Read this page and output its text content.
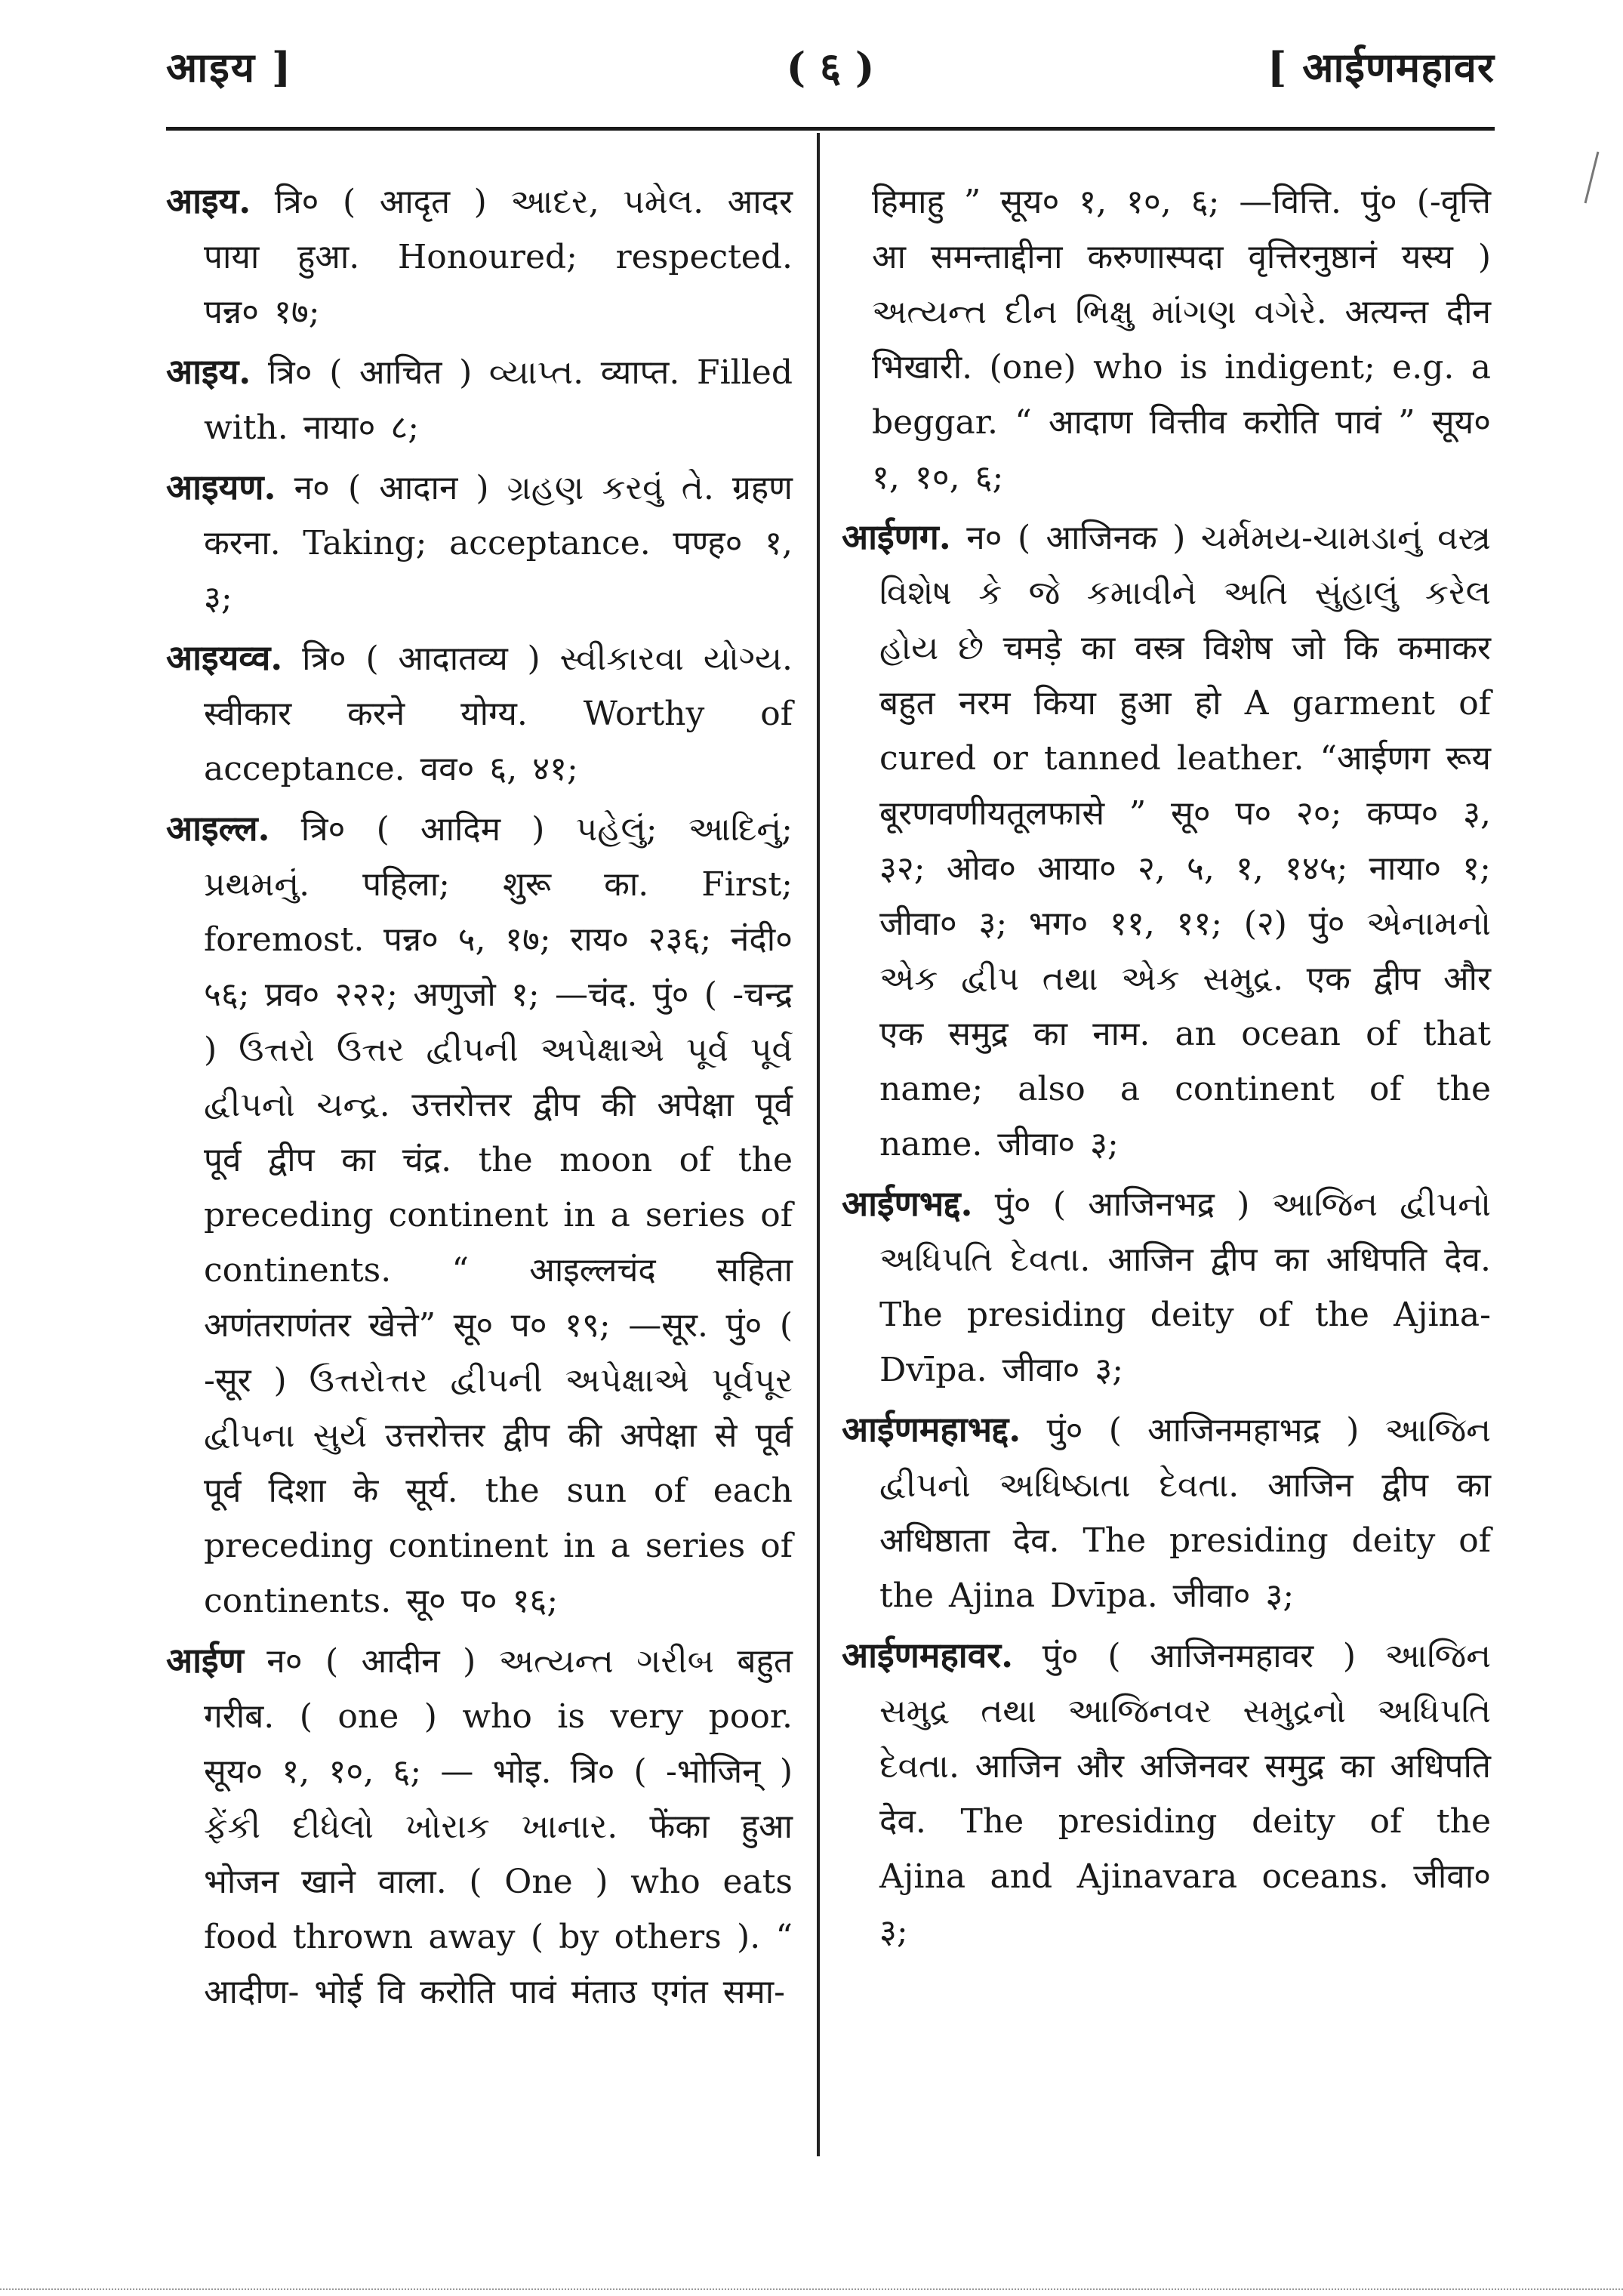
आइय ]	( ६ )	[ आईणमहावर

आइय. त्रि० ( आदृत ) આદર, પમેલ. आदर पाया हुआ. Honoured; respected. पन्न० १७;

आइय. त्रि० ( आचित ) વ્યાપ્ત. व्याप्त. Filled with. नाया० ८;

आइयण. न० ( आदान ) ગ્રહણ કરવું તે. ग्रहण करना. Taking; acceptance. पण्ह० १, ३;

आइयव्व. त्रि० ( आदातव्य ) સ્વીકારવા યોગ્ય. स्वीकार करने योग्य. Worthy of acceptance. वव० ६, ४१;

आइल्ल. त्रि० ( आदिम ) પહેલું; આદિનું; પ્રથમનું. पहिला; शुरू का. First; foremost. पन्न० ५, १७; राय० २३६; नंदी० ५६; प्रव० २२२; अणुजो १; —चंद. पुं० ( -चन्द्र ) ઉત્તરો ઉત્તર દ્વીપની અપેક્ષાએ પૂર્વ પૂર્વ દ્વીપનો ચન્દ્ર. उत्तरोत्तर द्वीप की अपेक्षा पूर्व पूर्व द्वीप का चंद्र. the moon of the preceding continent in a series of continents. “ आइल्लचंद सहिता अणंतराणंतर खेत्ते” सू० प० १९; —सूर. पुं० ( -सूर ) ઉત્તરોત્તર દ્વીપની અપેક્ષાએ પૂર્વપૂર દ્વીપના સુર્ય उत्तरोत्तर द्वीप की अपेक्षा से पूर्व पूर्व दिशा के सूर्य. the sun of each preceding continent in a series of continents. सू० प० १६;

आईण न० ( आदीन ) અત્યન્ત ગરીબ बहुत गरीब. ( one ) who is very poor. सूय० १, १०, ६; — भोइ. त्रि० ( -भोजिन् ) ફેંકી દીધેલો ખોરાક ખાનાર. फेंका हुआ भोजन खाने वाला. ( One ) who eats food thrown away ( by others ). “ आदीण- भोई वि करोति पावं मंताउ एगंत समा-

हिमाहु ” सूय० १, १०, ६; —वित्ति. पुं० (-वृत्ति आ समन्ताद्दीना करुणास्पदा वृत्तिरनुष्ठानं यस्य ) અત્યન્ત દીન ભિક્ષુ માંગણ વગેરે. अत्यन्त दीन भिखारी. (one) who is indigent; e.g. a beggar. “ आदाण वित्तीव करोति पावं ” सूय० १, १०, ६;

आईणग. न० ( आजिनक ) ચર્મમય-ચામડાનું વસ્ત્ર વિશેષ કે જે કમાવીને અતિ સુંહાલું કરેલ હોય છે चमड़े का वस्त्र विशेष जो कि कमाकर बहुत नरम किया हुआ हो A garment of cured or tanned leather. “आईणग रूय बूरणवणीयतूलफासे ” सू० प० २०; कप्प० ३, ३२; ओव० आया० २, ५, १, १४५; नाया० १; जीवा० ३; भग० ११, ११; (२) पुं० એનામનો એક દ્વીપ તથા એક સમુદ્ર. एक द्वीप और एक समुद्र का नाम. an ocean of that name; also a continent of the name. जीवा० ३;

आईणभद्द. पुं० ( आजिनभद्र ) આજિન દ્વીપનો અધિપતિ દેવતા. आजिन द्वीप का अधिपति देव. The presiding deity of the Ajina-Dvīpa. जीवा० ३;

आईणमहाभद्द. पुं० ( आजिनमहाभद्र ) આજિન દ્વીપનો અધિષ્ઠાતા દેવતા. आजिन द्वीप का अधिष्ठाता देव. The presiding deity of the Ajina Dvīpa. जीवा० ३;

आईणमहावर. पुं० ( आजिनमहावर ) આજિન સમુદ્ર તથા આજિનવર સમુદ્રનો અધિપતિ દેવતા. आजिन और अजिनवर समुद्र का अधिपति देव. The presiding deity of the Ajina and Ajinavara oceans. जीवा० ३;
